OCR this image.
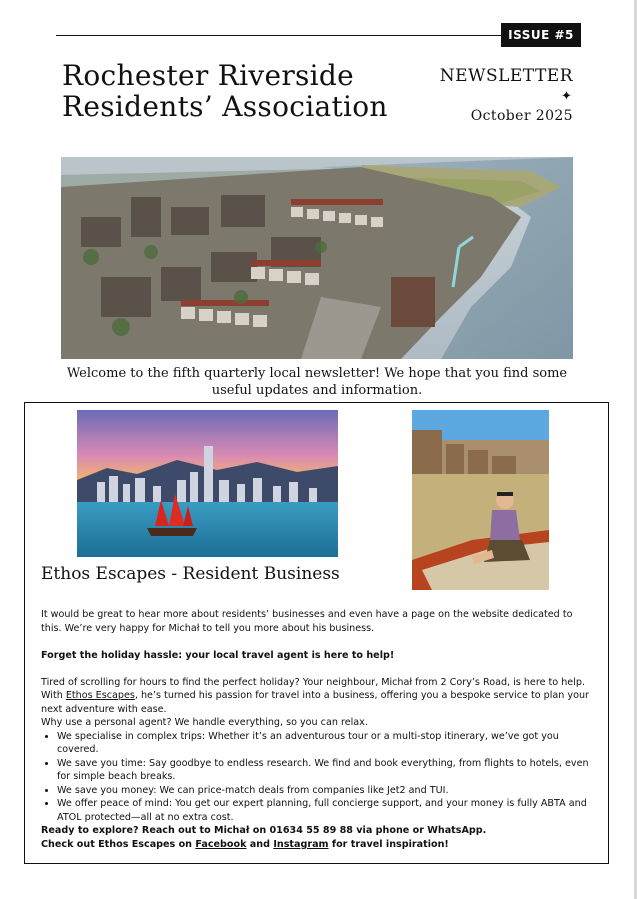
ISSUE #5
Rochester Riverside
Residents’ Association
NEWSLETTER
✦
October 2025

Welcome to the fifth quarterly local newsletter! We hope that you find some useful updates and information.

Ethos Escapes - Resident Business

It would be great to hear more about residents’ businesses and even have a page on the website dedicated to this. We’re very happy for Michał to tell you more about his business.

Forget the holiday hassle: your local travel agent is here to help!

Tired of scrolling for hours to find the perfect holiday? Your neighbour, Michał from 2 Cory’s Road, is here to help. With Ethos Escapes, he’s turned his passion for travel into a business, offering you a bespoke service to plan your next adventure with ease.

Why use a personal agent? We handle everything, so you can relax.

• We specialise in complex trips: Whether it’s an adventurous tour or a multi-stop itinerary, we’ve got you covered.
• We save you time: Say goodbye to endless research. We find and book everything, from flights to hotels, even for simple beach breaks.
• We save you money: We can price-match deals from companies like Jet2 and TUI.
• We offer peace of mind: You get our expert planning, full concierge support, and your money is fully ABTA and ATOL protected—all at no extra cost.

Ready to explore? Reach out to Michał on 01634 55 89 88 via phone or WhatsApp.

Check out Ethos Escapes on Facebook and Instagram for travel inspiration!
